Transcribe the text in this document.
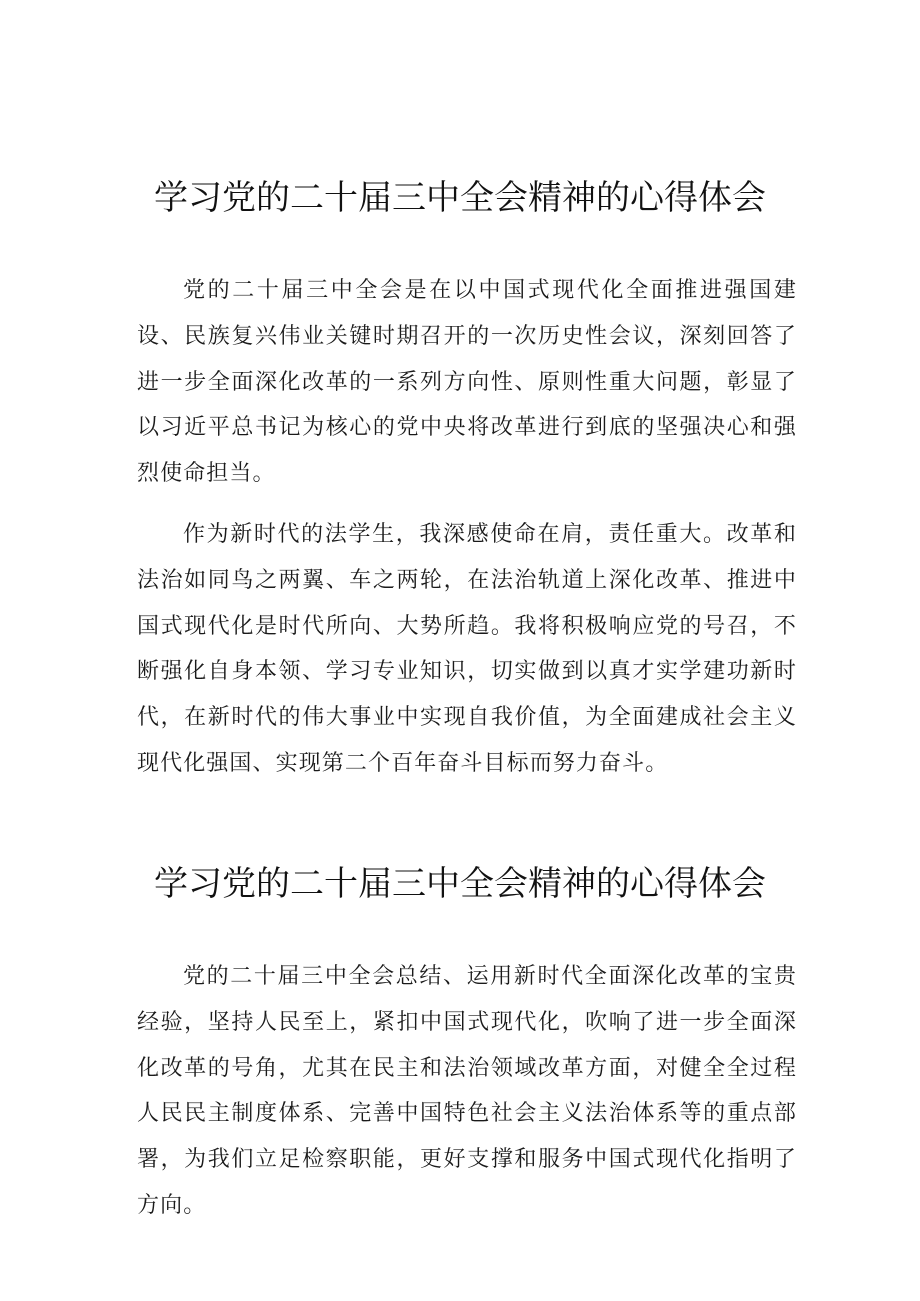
学习党的二十届三中全会精神的心得体会

党的二十届三中全会是在以中国式现代化全面推进强国建设、民族复兴伟业关键时期召开的一次历史性会议，深刻回答了进一步全面深化改革的一系列方向性、原则性重大问题，彰显了以习近平总书记为核心的党中央将改革进行到底的坚强决心和强烈使命担当。

作为新时代的法学生，我深感使命在肩，责任重大。改革和法治如同鸟之两翼、车之两轮，在法治轨道上深化改革、推进中国式现代化是时代所向、大势所趋。我将积极响应党的号召，不断强化自身本领、学习专业知识，切实做到以真才实学建功新时代，在新时代的伟大事业中实现自我价值，为全面建成社会主义现代化强国、实现第二个百年奋斗目标而努力奋斗。

学习党的二十届三中全会精神的心得体会

党的二十届三中全会总结、运用新时代全面深化改革的宝贵经验，坚持人民至上，紧扣中国式现代化，吹响了进一步全面深化改革的号角，尤其在民主和法治领域改革方面，对健全全过程人民民主制度体系、完善中国特色社会主义法治体系等的重点部署，为我们立足检察职能，更好支撑和服务中国式现代化指明了方向。
